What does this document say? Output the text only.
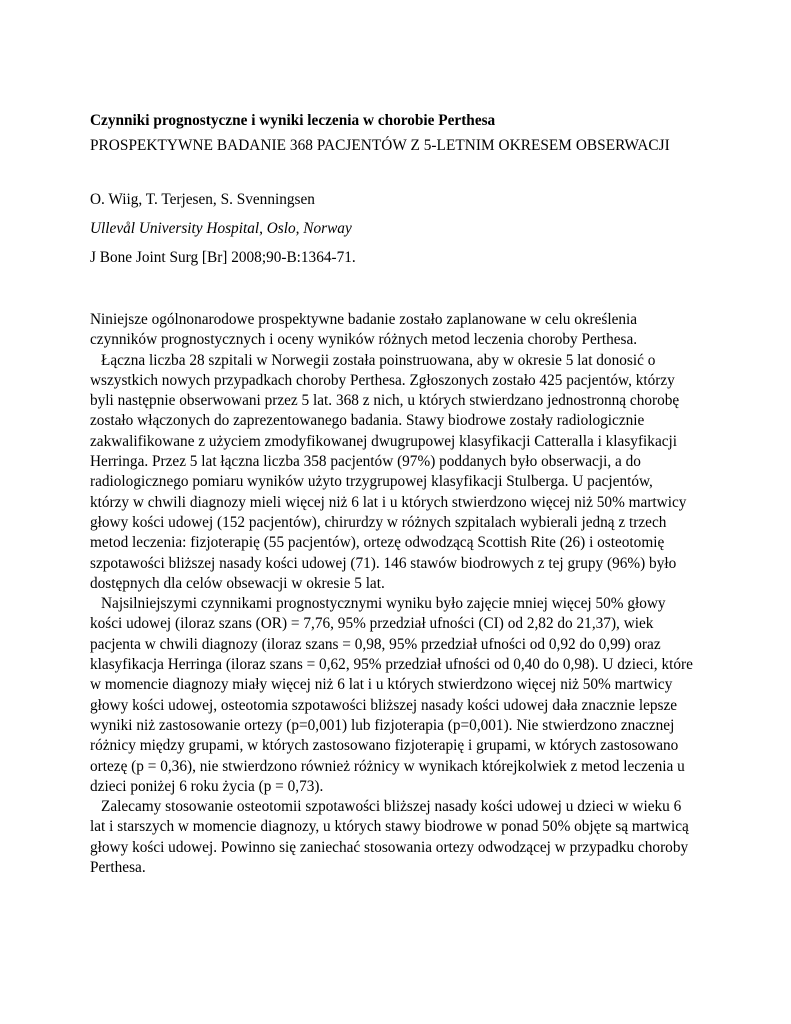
Czynniki prognostyczne i wyniki leczenia w chorobie Perthesa

PROSPEKTYWNE BADANIE 368 PACJENTÓW Z 5-LETNIM OKRESEM OBSERWACJI

O. Wiig, T. Terjesen, S. Svenningsen

Ullevål University Hospital, Oslo, Norway

J Bone Joint Surg [Br] 2008;90-B:1364-71.

Niniejsze ogólnonarodowe prospektywne badanie zostało zaplanowane w celu określenia
czynników prognostycznych i oceny wyników różnych metod leczenia choroby Perthesa.

Łączna liczba 28 szpitali w Norwegii została poinstruowana, aby w okresie 5 lat donosić o
wszystkich nowych przypadkach choroby Perthesa. Zgłoszonych zostało 425 pacjentów, którzy
byli następnie obserwowani przez 5 lat. 368 z nich, u których stwierdzano jednostronną chorobę
zostało włączonych do zaprezentowanego badania. Stawy biodrowe zostały radiologicznie
zakwalifikowane z użyciem zmodyfikowanej dwugrupowej klasyfikacji Catteralla i klasyfikacji
Herringa. Przez 5 lat łączna liczba 358 pacjentów (97%) poddanych było obserwacji, a do
radiologicznego pomiaru wyników użyto trzygrupowej klasyfikacji Stulberga. U pacjentów,
którzy w chwili diagnozy mieli więcej niż 6 lat i u których stwierdzono więcej niż 50% martwicy
głowy kości udowej (152 pacjentów), chirurdzy w różnych szpitalach wybierali jedną z trzech
metod leczenia: fizjoterapię (55 pacjentów), ortezę odwodzącą Scottish Rite (26) i osteotomię
szpotawości bliższej nasady kości udowej (71). 146 stawów biodrowych z tej grupy (96%) było
dostępnych dla celów obsewacji w okresie 5 lat.

Najsilniejszymi czynnikami prognostycznymi wyniku było zajęcie mniej więcej 50% głowy
kości udowej (iloraz szans (OR) = 7,76, 95% przedział ufności (CI) od 2,82 do 21,37), wiek
pacjenta w chwili diagnozy (iloraz szans = 0,98, 95% przedział ufności od 0,92 do 0,99) oraz
klasyfikacja Herringa (iloraz szans = 0,62, 95% przedział ufności od 0,40 do 0,98). U dzieci, które
w momencie diagnozy miały więcej niż 6 lat i u których stwierdzono więcej niż 50% martwicy
głowy kości udowej, osteotomia szpotawości bliższej nasady kości udowej dała znacznie lepsze
wyniki niż zastosowanie ortezy (p=0,001) lub fizjoterapia (p=0,001). Nie stwierdzono znacznej
różnicy między grupami, w których zastosowano fizjoterapię i grupami, w których zastosowano
ortezę (p = 0,36), nie stwierdzono również różnicy w wynikach którejkolwiek z metod leczenia u
dzieci poniżej 6 roku życia (p = 0,73).

Zalecamy stosowanie osteotomii szpotawości bliższej nasady kości udowej u dzieci w wieku 6
lat i starszych w momencie diagnozy, u których stawy biodrowe w ponad 50% objęte są martwicą
głowy kości udowej. Powinno się zaniechać stosowania ortezy odwodzącej w przypadku choroby
Perthesa.
